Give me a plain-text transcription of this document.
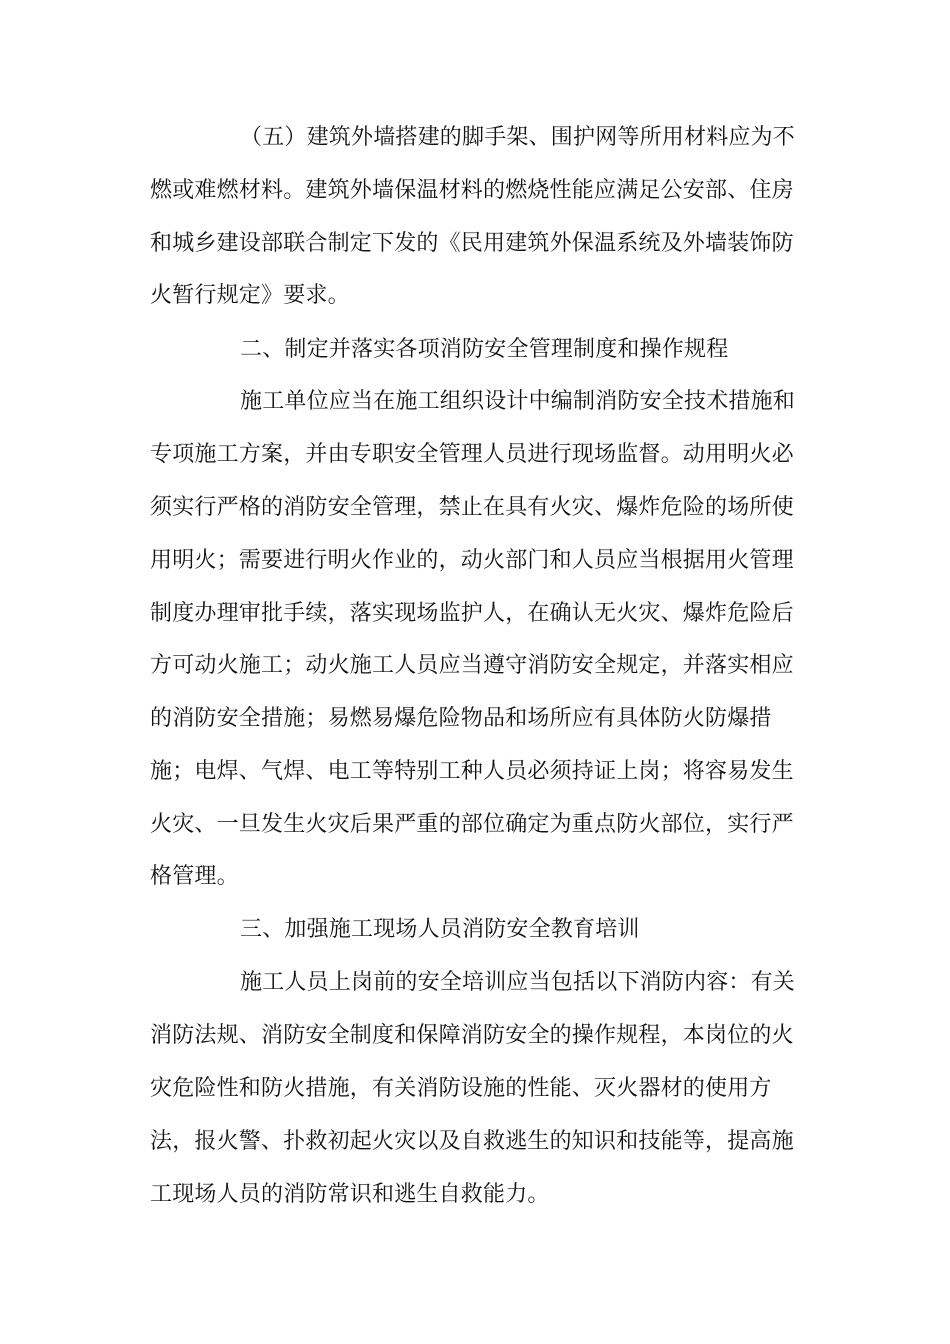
（五）建筑外墙搭建的脚手架、围护网等所用材料应为不
燃或难燃材料。建筑外墙保温材料的燃烧性能应满足公安部、住房
和城乡建设部联合制定下发的《民用建筑外保温系统及外墙装饰防
火暂行规定》要求。
二、制定并落实各项消防安全管理制度和操作规程
施工单位应当在施工组织设计中编制消防安全技术措施和
专项施工方案，并由专职安全管理人员进行现场监督。动用明火必
须实行严格的消防安全管理，禁止在具有火灾、爆炸危险的场所使
用明火；需要进行明火作业的，动火部门和人员应当根据用火管理
制度办理审批手续，落实现场监护人，在确认无火灾、爆炸危险后
方可动火施工；动火施工人员应当遵守消防安全规定，并落实相应
的消防安全措施；易燃易爆危险物品和场所应有具体防火防爆措
施；电焊、气焊、电工等特别工种人员必须持证上岗；将容易发生
火灾、一旦发生火灾后果严重的部位确定为重点防火部位，实行严
格管理。
三、加强施工现场人员消防安全教育培训
施工人员上岗前的安全培训应当包括以下消防内容：有关
消防法规、消防安全制度和保障消防安全的操作规程，本岗位的火
灾危险性和防火措施，有关消防设施的性能、灭火器材的使用方
法，报火警、扑救初起火灾以及自救逃生的知识和技能等，提高施
工现场人员的消防常识和逃生自救能力。
